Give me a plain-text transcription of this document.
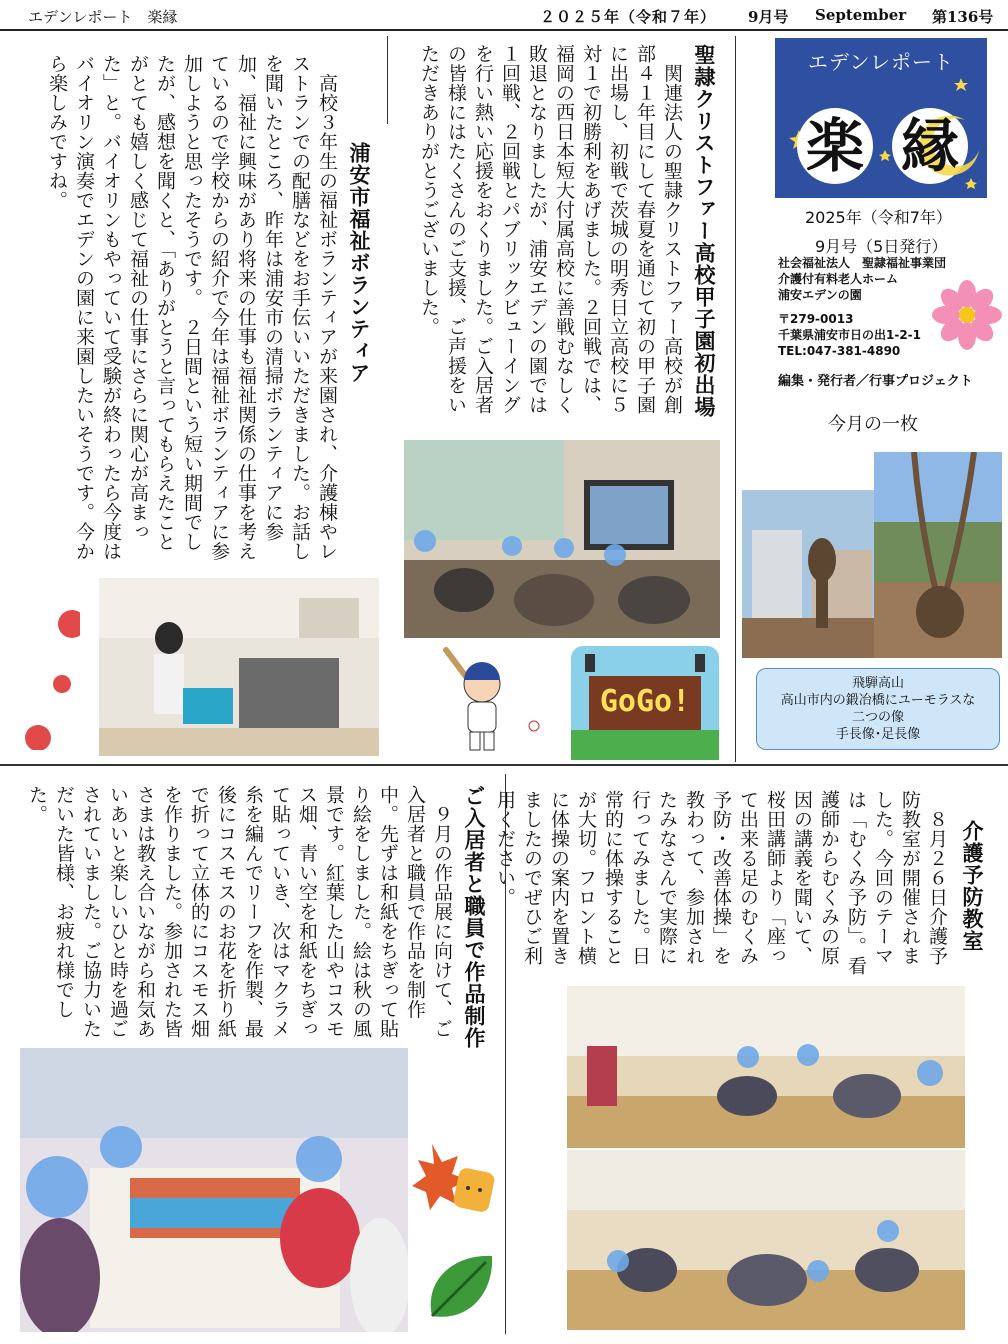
エデンレポート　楽縁	２０２５年（令和７年） 9月号 September 第136号
エデンレポート
楽 縁
2025年（令和7年）
9月号（5日発行）
社会福祉法人　聖隷福祉事業団
介護付有料老人ホーム
浦安エデンの園
〒279-0013
千葉県浦安市日の出1-2-1
TEL:047-381-4890
編集・発行者／行事プロジェクト
今月の一枚
飛騨高山
高山市内の鍛冶橋にユーモラスな
二つの像
手長像･足長像
聖隷クリストファー高校甲子園初出場
　関連法人の聖隷クリストファー高校が創部４１年目にして春夏を通じて初の甲子園に出場し、初戦で茨城の明秀日立高校に５対１で初勝利をあげました。２回戦では、福岡の西日本短大付属高校に善戦むなしく敗退となりましたが、浦安エデンの園では１回戦、２回戦とパブリックビューイングを行い熱い応援をおくりました。ご入居者の皆様にはたくさんのご支援、ご声援をいただきありがとうございました。
GoGo!
浦安市福祉ボランティア
　高校３年生の福祉ボランティアが来園され、介護棟やレストランでの配膳などをお手伝いいただきました。お話しを聞いたところ、昨年は浦安市の清掃ボランティアに参加、福祉に興味があり将来の仕事も福祉関係の仕事を考えているので学校からの紹介で今年は福祉ボランティアに参加しようと思ったそうです。　２日間という短い期間でしたが、感想を聞くと、「ありがとうと言ってもらえたことがとても嬉しく感じて福祉の仕事にさらに関心が高まった」と。バイオリンもやっていて受験が終わったら今度はバイオリン演奏でエデンの園に来園したいそうです。今から楽しみですね。
介護予防教室
　８月２６日介護予防教室が開催されました。今回のテーマは「むくみ予防」。看護師からむくみの原因の講義を聞いて、桜田講師より「座って出来る足のむくみ予防・改善体操」を教わって、参加されたみなさんで実際に行ってみました。日常的に体操することが大切。フロント横に体操の案内を置きましたのでぜひご利用ください。
ご入居者と職員で作品制作
　９月の作品展に向けて、ご入居者と職員で作品を制作中。先ずは和紙をちぎって貼り絵をしました。絵は秋の風景です。紅葉した山やコスモス畑、青い空を和紙をちぎって貼っていき、次はマクラメ糸を編んでリーフを作製、最後にコスモスのお花を折り紙で折って立体的にコスモス畑を作りました。参加された皆さまは教え合いながら和気あいあいと楽しいひと時を過ごされていました。ご協力いただいた皆様、お疲れ様でした。
